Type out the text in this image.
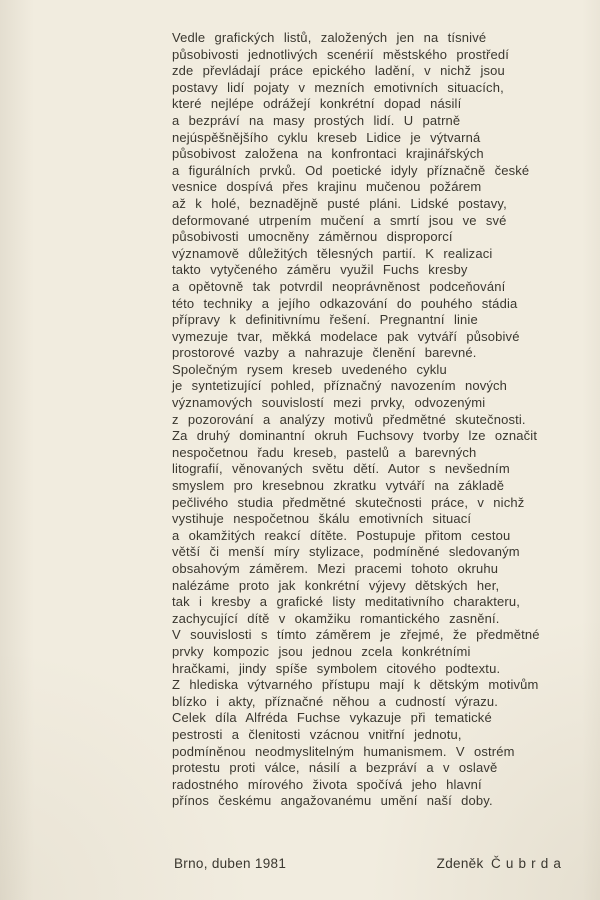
Vedle grafických listů, založených jen na tísnivé
působivosti jednotlivých scenérií městského prostředí
zde převládají práce epického ladění, v nichž jsou
postavy lidí pojaty v mezních emotivních situacích,
které nejlépe odrážejí konkrétní dopad násilí
a bezpráví na masy prostých lidí. U patrně
nejúspěšnějšího cyklu kreseb Lidice je výtvarná
působivost založena na konfrontaci krajinářských
a figurálních prvků. Od poetické idyly příznačně české
vesnice dospívá přes krajinu mučenou požárem
až k holé, beznadějně pusté pláni. Lidské postavy,
deformované utrpením mučení a smrtí jsou ve své
působivosti umocněny záměrnou disproporcí
významově důležitých tělesných partií. K realizaci
takto vytyčeného záměru využil Fuchs kresby
a opětovně tak potvrdil neoprávněnost podceňování
této techniky a jejího odkazování do pouhého stádia
přípravy k definitivnímu řešení. Pregnantní linie
vymezuje tvar, měkká modelace pak vytváří působivé
prostorové vazby a nahrazuje členění barevné.
Společným rysem kreseb uvedeného cyklu
je syntetizující pohled, příznačný navozením nových
významových souvislostí mezi prvky, odvozenými
z pozorování a analýzy motivů předmětné skutečnosti.
Za druhý dominantní okruh Fuchsovy tvorby lze označit
nespočetnou řadu kreseb, pastelů a barevných
litografií, věnovaných světu dětí. Autor s nevšedním
smyslem pro kresebnou zkratku vytváří na základě
pečlivého studia předmětné skutečnosti práce, v nichž
vystihuje nespočetnou škálu emotivních situací
a okamžitých reakcí dítěte. Postupuje přitom cestou
větší či menší míry stylizace, podmíněné sledovaným
obsahovým záměrem. Mezi pracemi tohoto okruhu
nalézáme proto jak konkrétní výjevy dětských her,
tak i kresby a grafické listy meditativního charakteru,
zachycující dítě v okamžiku romantického zasnění.
V souvislosti s tímto záměrem je zřejmé, že předmětné
prvky kompozic jsou jednou zcela konkrétními
hračkami, jindy spíše symbolem citového podtextu.
Z hlediska výtvarného přístupu mají k dětským motivům
blízko i akty, příznačné něhou a cudností výrazu.
Celek díla Alfréda Fuchse vykazuje při tematické
pestrosti a členitosti vzácnou vnitřní jednotu,
podmíněnou neodmyslitelným humanismem. V ostrém
protestu proti válce, násilí a bezpráví a v oslavě
radostného mírového života spočívá jeho hlavní
přínos českému angažovanému umění naší doby.
Brno, duben 1981	Zdeněk Čubrda
